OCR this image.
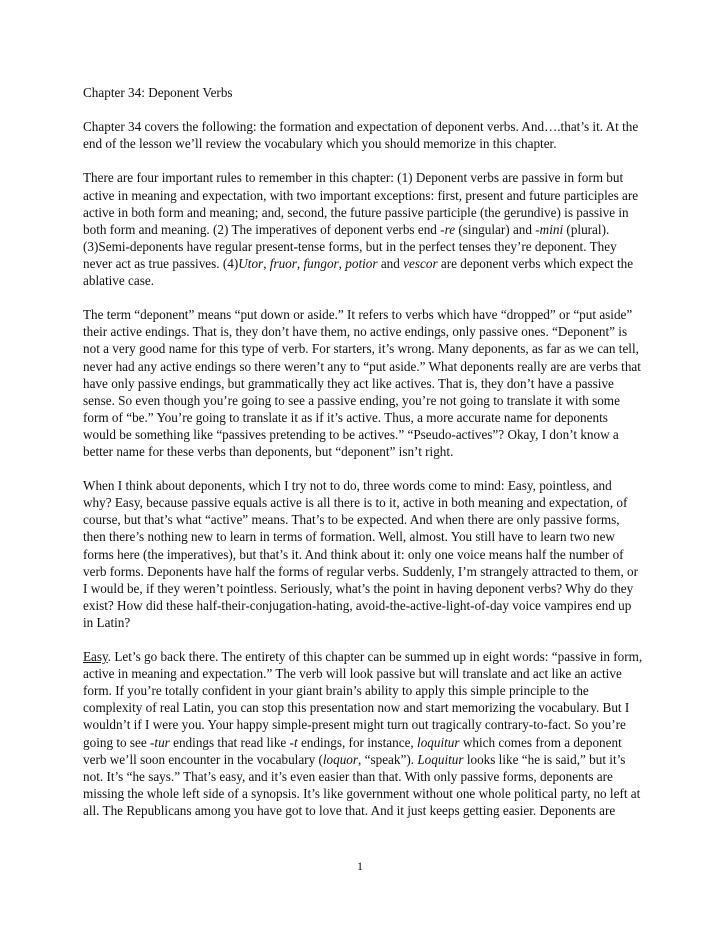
Chapter 34: Deponent Verbs

Chapter 34 covers the following: the formation and expectation of deponent verbs. And….that’s it. At the end of the lesson we’ll review the vocabulary which you should memorize in this chapter.

There are four important rules to remember in this chapter: (1) Deponent verbs are passive in form but active in meaning and expectation, with two important exceptions: first, present and future participles are active in both form and meaning; and, second, the future passive participle (the gerundive) is passive in both form and meaning. (2) The imperatives of deponent verbs end -re (singular) and -mini (plural). (3)Semi-deponents have regular present-tense forms, but in the perfect tenses they’re deponent. They never act as true passives. (4)Utor, fruor, fungor, potior and vescor are deponent verbs which expect the ablative case.

The term “deponent” means “put down or aside.” It refers to verbs which have “dropped” or “put aside” their active endings. That is, they don’t have them, no active endings, only passive ones. “Deponent” is not a very good name for this type of verb. For starters, it’s wrong. Many deponents, as far as we can tell, never had any active endings so there weren’t any to “put aside.” What deponents really are are verbs that have only passive endings, but grammatically they act like actives. That is, they don’t have a passive sense. So even though you’re going to see a passive ending, you’re not going to translate it with some form of “be.” You’re going to translate it as if it’s active. Thus, a more accurate name for deponents would be something like “passives pretending to be actives.” “Pseudo-actives”? Okay, I don’t know a better name for these verbs than deponents, but “deponent” isn’t right.

When I think about deponents, which I try not to do, three words come to mind: Easy, pointless, and why? Easy, because passive equals active is all there is to it, active in both meaning and expectation, of course, but that’s what “active” means. That’s to be expected. And when there are only passive forms, then there’s nothing new to learn in terms of formation. Well, almost. You still have to learn two new forms here (the imperatives), but that’s it. And think about it: only one voice means half the number of verb forms. Deponents have half the forms of regular verbs. Suddenly, I’m strangely attracted to them, or I would be, if they weren’t pointless. Seriously, what’s the point in having deponent verbs? Why do they exist? How did these half-their-conjugation-hating, avoid-the-active-light-of-day voice vampires end up in Latin?

Easy. Let’s go back there. The entirety of this chapter can be summed up in eight words: “passive in form, active in meaning and expectation.” The verb will look passive but will translate and act like an active form. If you’re totally confident in your giant brain’s ability to apply this simple principle to the complexity of real Latin, you can stop this presentation now and start memorizing the vocabulary. But I wouldn’t if I were you. Your happy simple-present might turn out tragically contrary-to-fact. So you’re going to see -tur endings that read like -t endings, for instance, loquitur which comes from a deponent verb we’ll soon encounter in the vocabulary (loquor, “speak”). Loquitur looks like “he is said,” but it’s not. It’s “he says.” That’s easy, and it’s even easier than that. With only passive forms, deponents are missing the whole left side of a synopsis. It’s like government without one whole political party, no left at all. The Republicans among you have got to love that. And it just keeps getting easier. Deponents are

1
